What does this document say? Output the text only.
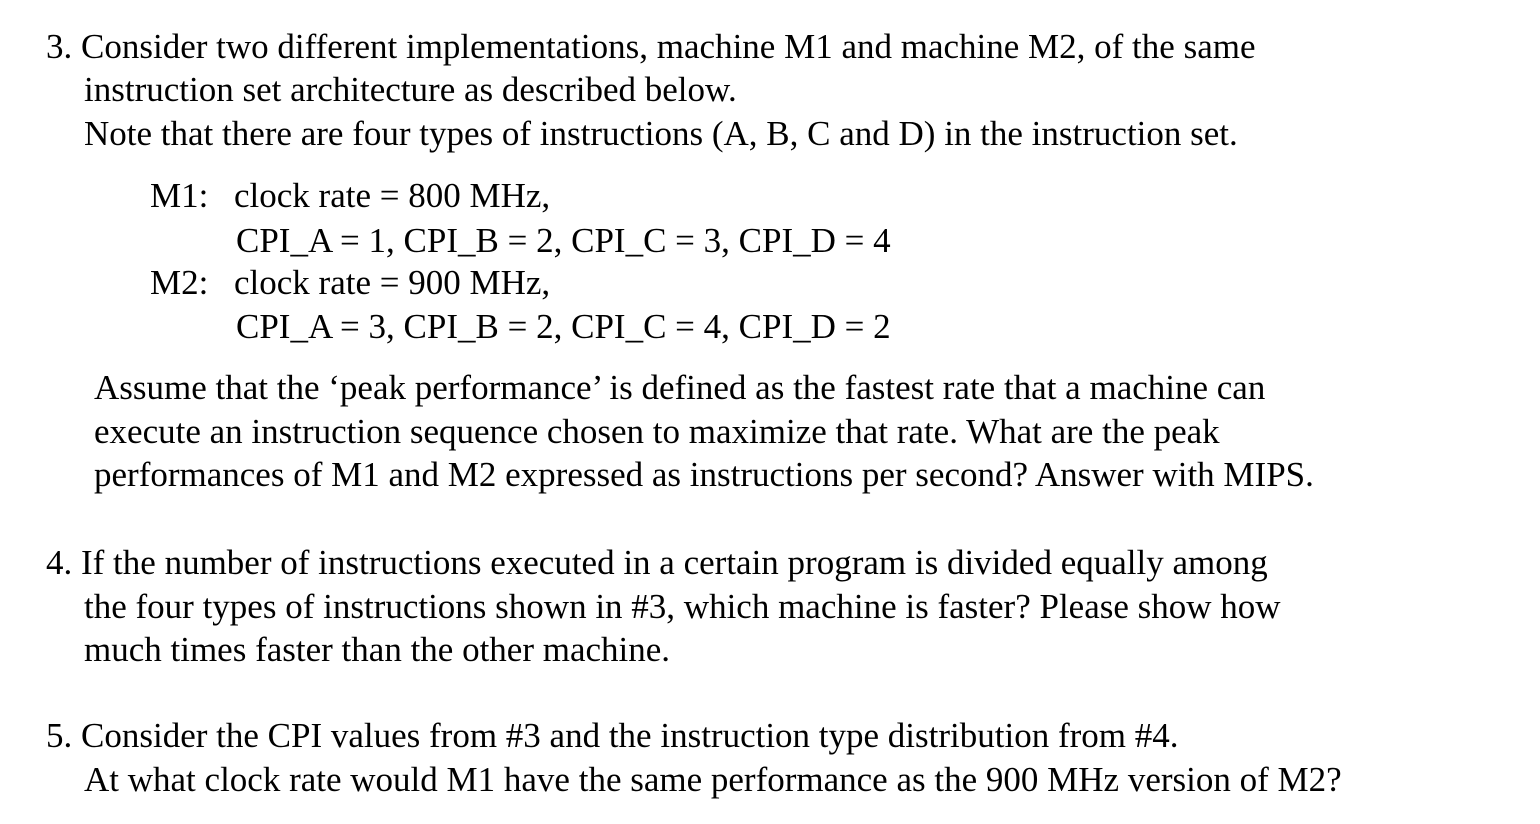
3. Consider two different implementations, machine M1 and machine M2, of the same

instruction set architecture as described below.

Note that there are four types of instructions (A, B, C and D) in the instruction set.

M1: clock rate = 800 MHz,
CPI_A = 1, CPI_B = 2, CPI_C = 3, CPI_D = 4
M2: clock rate = 900 MHz,
CPI_A = 3, CPI_B = 2, CPI_C = 4, CPI_D = 2

Assume that the ‘peak performance’ is defined as the fastest rate that a machine can

execute an instruction sequence chosen to maximize that rate. What are the peak

performances of M1 and M2 expressed as instructions per second? Answer with MIPS.

4. If the number of instructions executed in a certain program is divided equally among

the four types of instructions shown in #3, which machine is faster? Please show how

much times faster than the other machine.

5. Consider the CPI values from #3 and the instruction type distribution from #4.

At what clock rate would M1 have the same performance as the 900 MHz version of M2?
